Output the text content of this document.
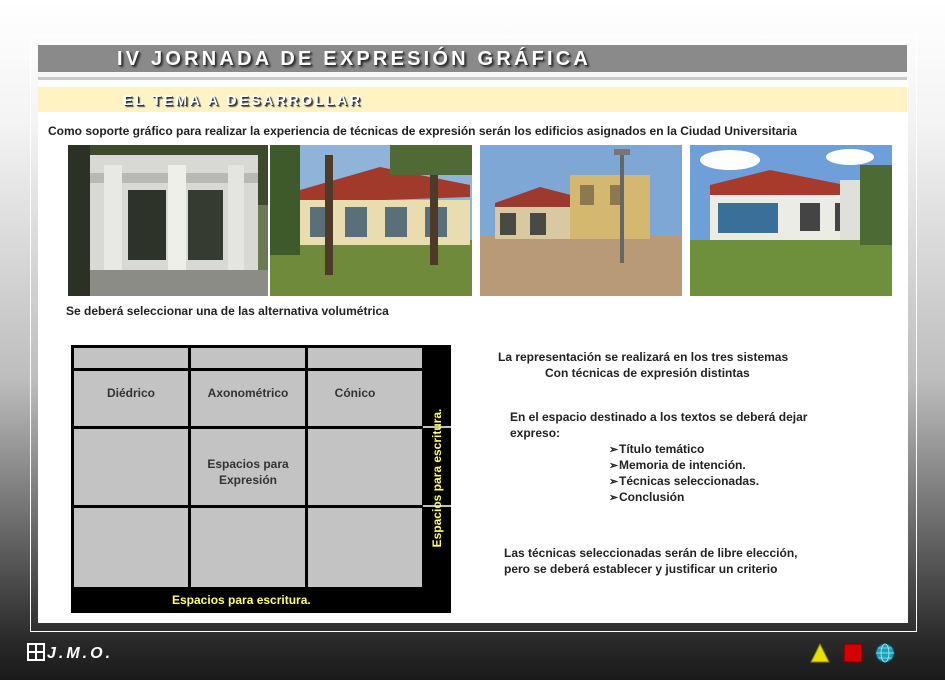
IV JORNADA DE EXPRESIÓN GRÁFICA
EL TEMA A DESARROLLAR
Como soporte gráfico para realizar la experiencia de técnicas de expresión serán los edificios asignados en la Ciudad Universitaria
Se deberá seleccionar una de las alternativa volumétrica
Diédrico	Axonométrico	Cónico
Espacios para
Expresión	Espacios para escritura.
Espacios para escritura.
La representación se realizará en los tres sistemas
Con técnicas de expresión distintas
En el espacio destinado a los textos se deberá dejar
expreso:
➢Título temático
➢Memoria de intención.
➢Técnicas seleccionadas.
➢Conclusión
Las técnicas seleccionadas serán de libre elección,
pero se deberá establecer y justificar un criterio
J.M.O.
